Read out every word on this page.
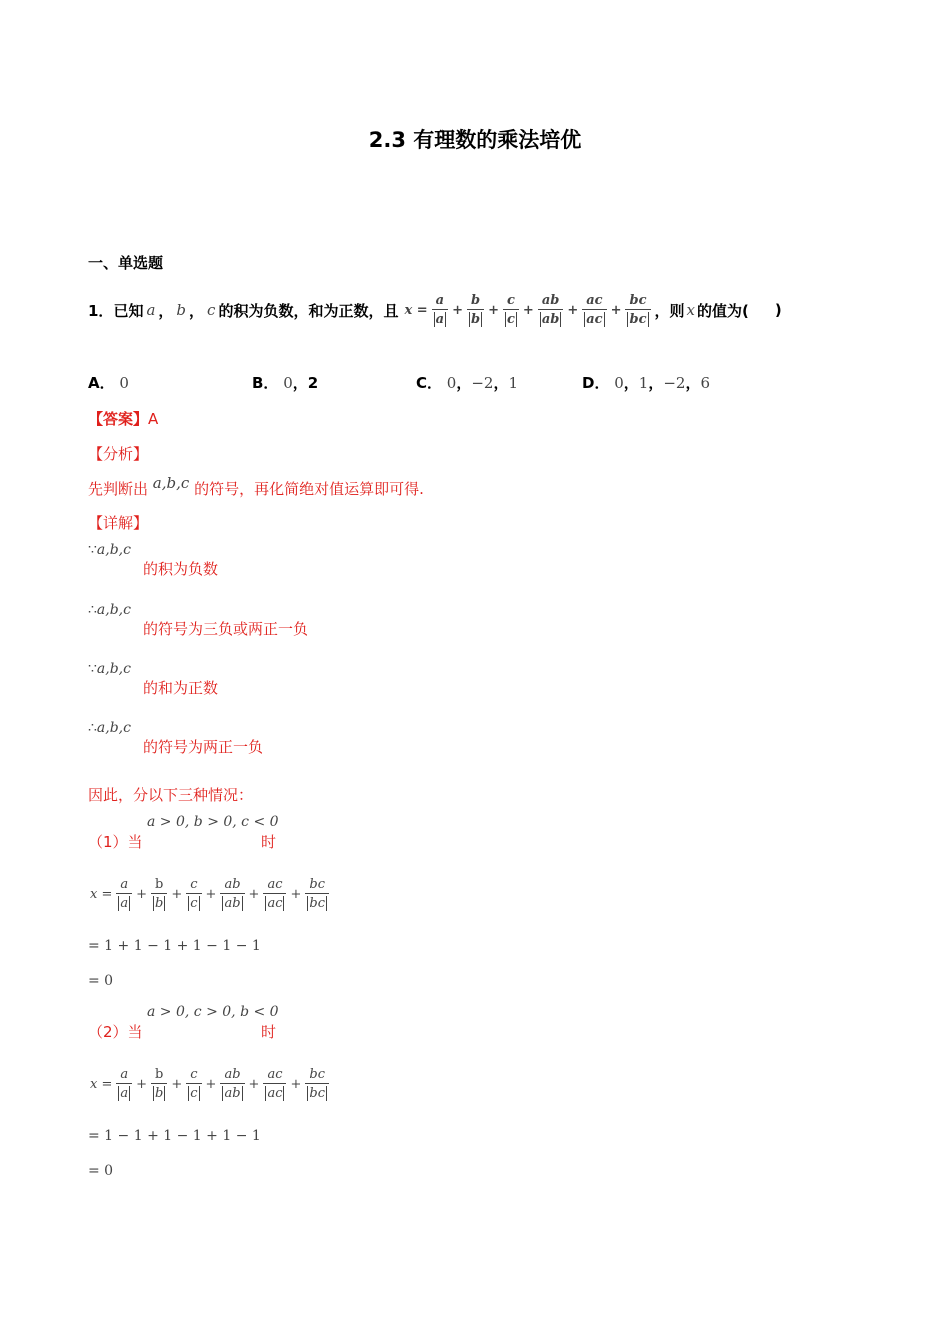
2.3 有理数的乘法培优
一、单选题
1． 已知 a ， b ， c 的积为负数，和为正数，且 $x = \frac{a}{a} + \frac{b}{b} + \frac{c}{c} + \frac{ab}{ab} + \frac{ac}{ac} + \frac{bc}{bc}$ ，则 x 的值为( )
A． 0	B． 0，2	C． 0，−2，1	D． 0，1，−2，6
【答案】A
【分析】
先判断出 a,b,c 的符号，再化简绝对值运算即可得.
【详解】
∵a,b,c
的积为负数
∴a,b,c
的符号为三负或两正一负
∵a,b,c
的和为正数
∴a,b,c
的符号为两正一负
因此，分以下三种情况：
（1）当
a > 0, b > 0, c < 0
时
$x = \frac{a}{a} + \frac{b}{b} + \frac{c}{c} + \frac{ab}{ab} + \frac{ac}{ac} + \frac{bc}{bc}$
= 1 + 1 − 1 + 1 − 1 − 1
= 0
（2）当
a > 0, c > 0, b < 0
时
$x = \frac{a}{a} + \frac{b}{b} + \frac{c}{c} + \frac{ab}{ab} + \frac{ac}{ac} + \frac{bc}{bc}$
= 1 − 1 + 1 − 1 + 1 − 1
= 0
